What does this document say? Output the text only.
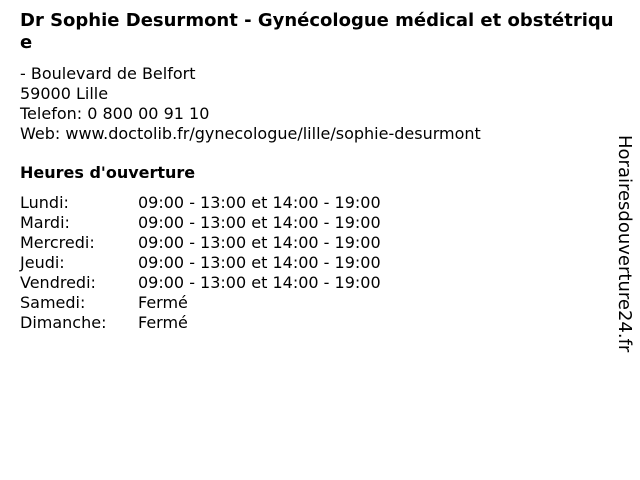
Dr Sophie Desurmont - Gynécologue médical et obstétrique
- Boulevard de Belfort
59000 Lille
Telefon: 0 800 00 91 10
Web: www.doctolib.fr/gynecologue/lille/sophie-desurmont
Heures d'ouverture
Lundi:	09:00 - 13:00 et 14:00 - 19:00
Mardi:	09:00 - 13:00 et 14:00 - 19:00
Mercredi:	09:00 - 13:00 et 14:00 - 19:00
Jeudi:	09:00 - 13:00 et 14:00 - 19:00
Vendredi:	09:00 - 13:00 et 14:00 - 19:00
Samedi:	Fermé
Dimanche:	Fermé	Horairesdouverture24.fr
